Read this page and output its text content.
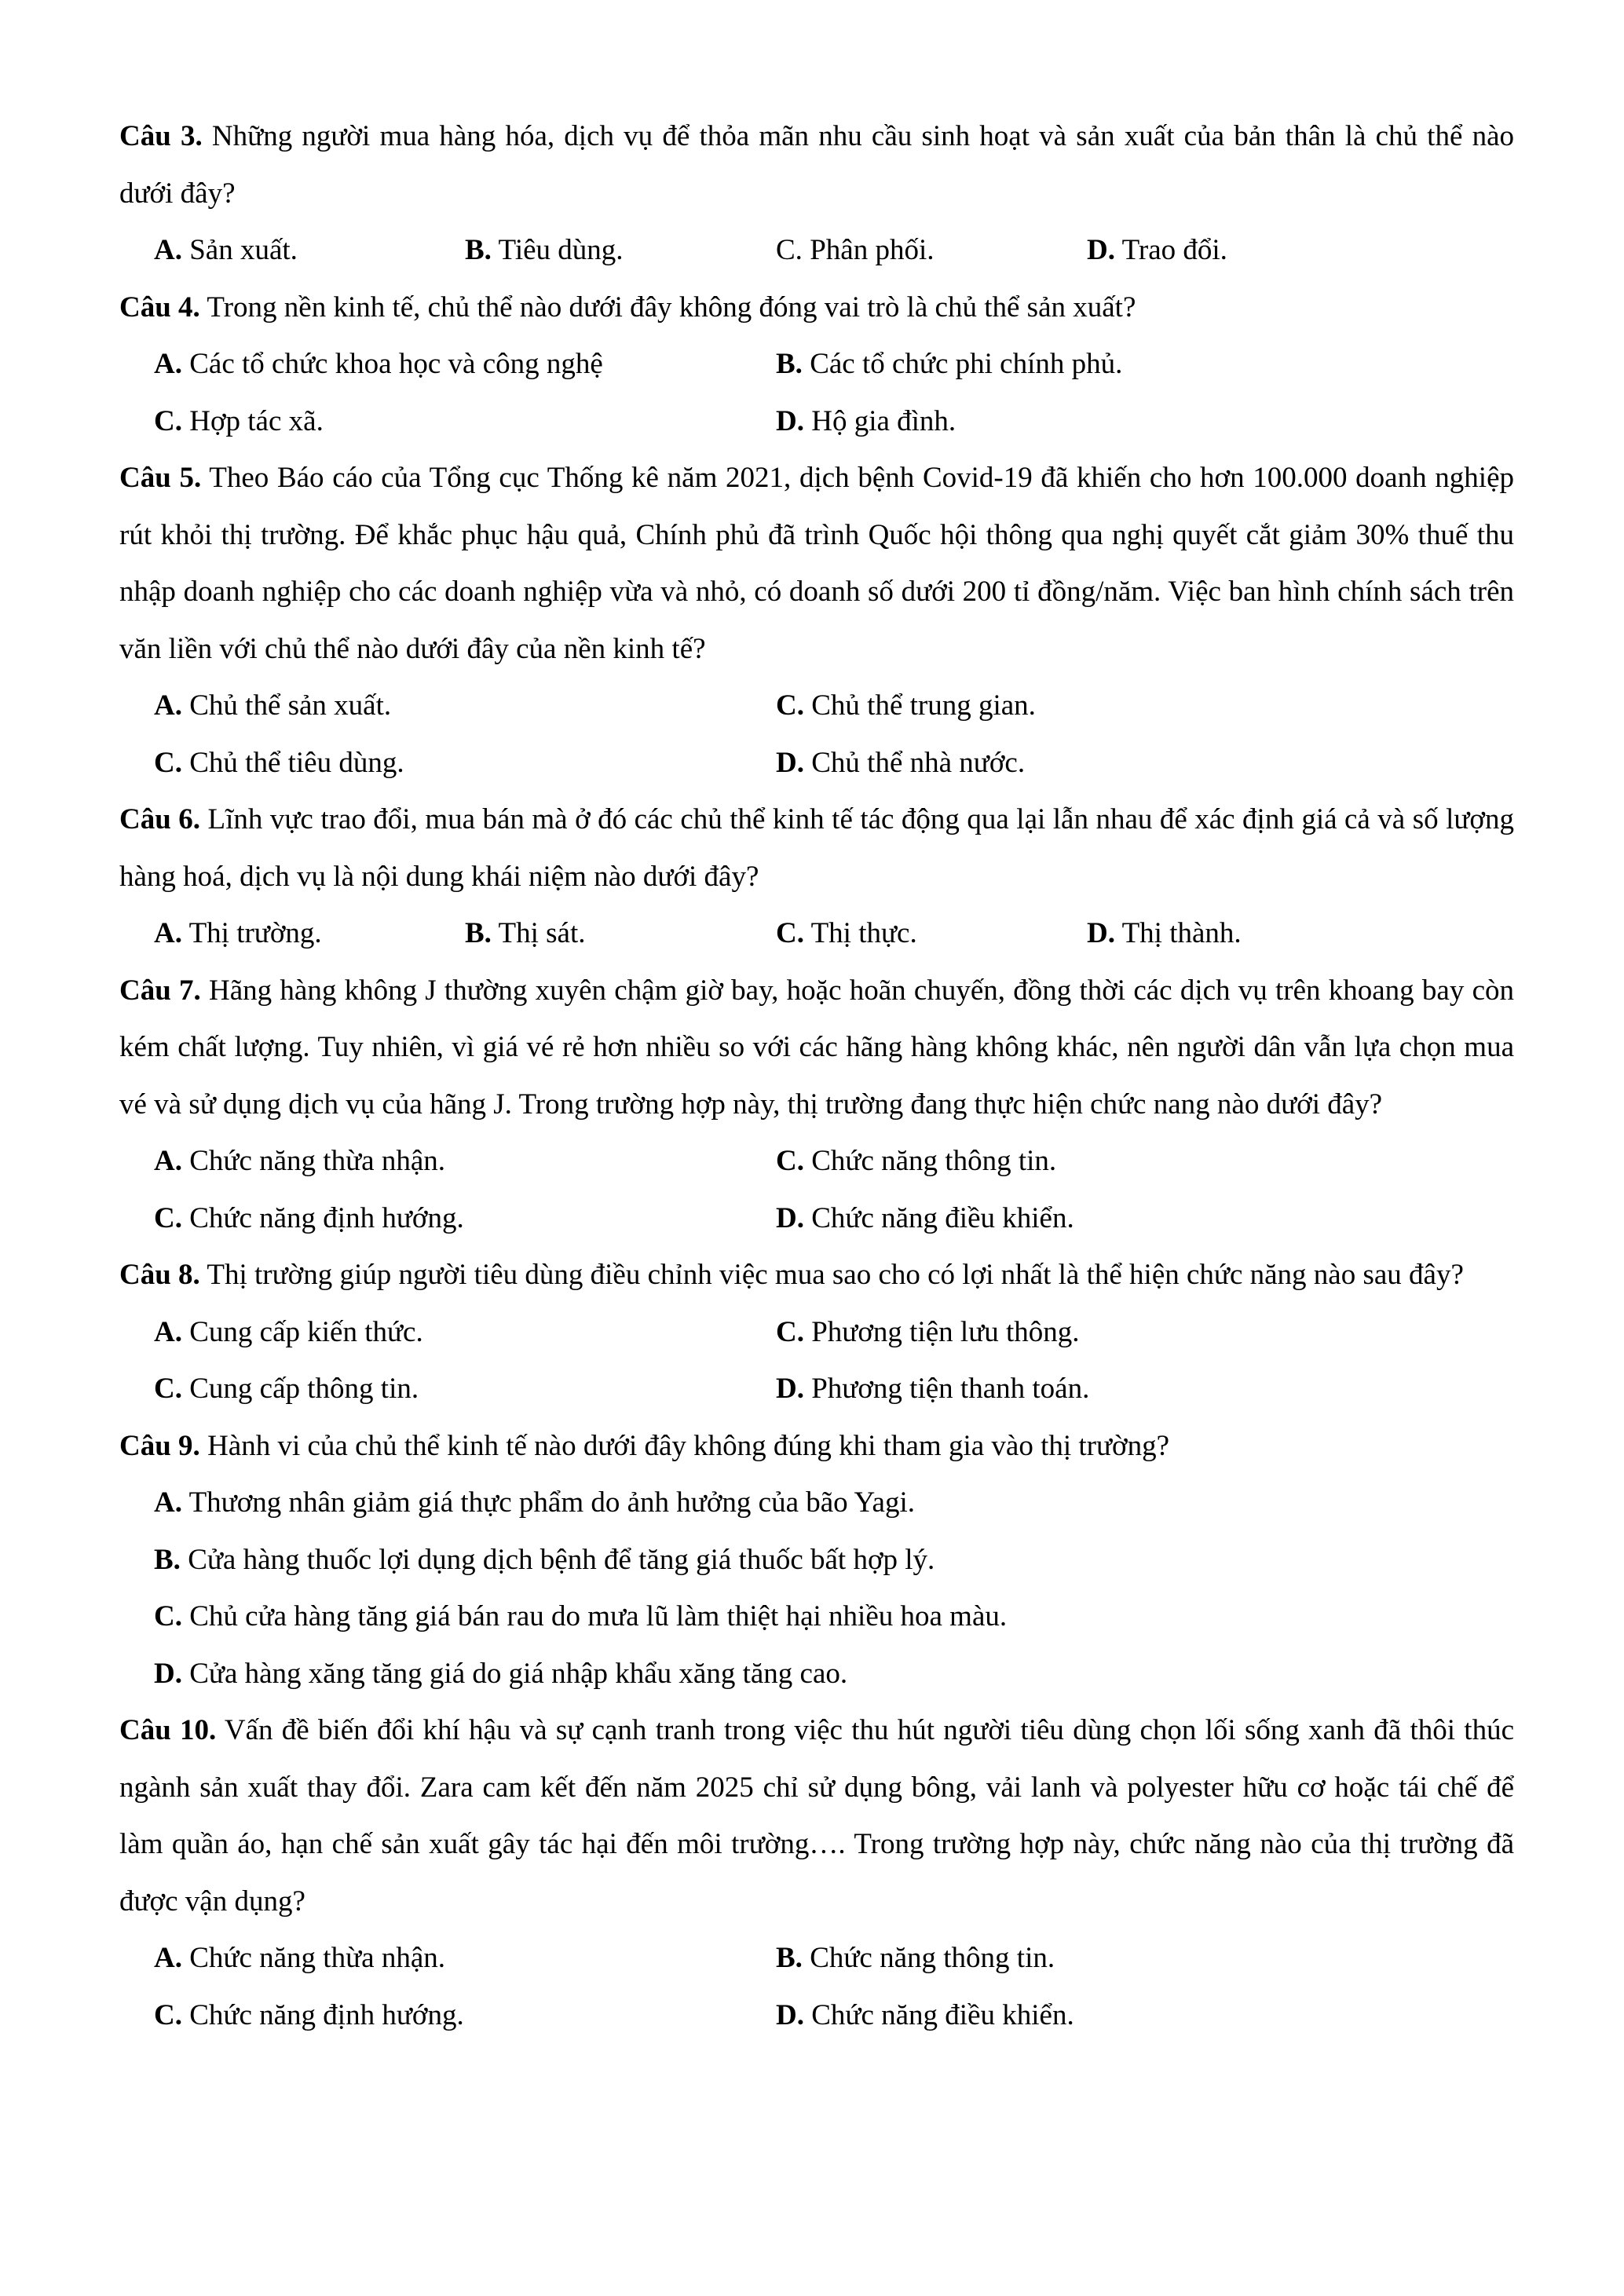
Câu 3. Những người mua hàng hóa, dịch vụ để thỏa mãn nhu cầu sinh hoạt và sản xuất của bản thân là chủ thể nào dưới đây?

A. Sản xuất.	B. Tiêu dùng.	C. Phân phối.	D. Trao đổi.

Câu 4. Trong nền kinh tế, chủ thể nào dưới đây không đóng vai trò là chủ thể sản xuất?

A. Các tổ chức khoa học và công nghệ	B. Các tổ chức phi chính phủ.
C. Hợp tác xã.	D. Hộ gia đình.

Câu 5. Theo Báo cáo của Tổng cục Thống kê năm 2021, dịch bệnh Covid-19 đã khiến cho hơn 100.000 doanh nghiệp rút khỏi thị trường. Để khắc phục hậu quả, Chính phủ đã trình Quốc hội thông qua nghị quyết cắt giảm 30% thuế thu nhập doanh nghiệp cho các doanh nghiệp vừa và nhỏ, có doanh số dưới 200 tỉ đồng/năm. Việc ban hình chính sách trên văn liền với chủ thể nào dưới đây của nền kinh tế?

A. Chủ thể sản xuất.	C. Chủ thể trung gian.
C. Chủ thể tiêu dùng.	D. Chủ thể nhà nước.

Câu 6. Lĩnh vực trao đổi, mua bán mà ở đó các chủ thể kinh tế tác động qua lại lẫn nhau để xác định giá cả và số lượng hàng hoá, dịch vụ là nội dung khái niệm nào dưới đây?

A. Thị trường.	B. Thị sát.	C. Thị thực.	D. Thị thành.

Câu 7. Hãng hàng không J thường xuyên chậm giờ bay, hoặc hoãn chuyến, đồng thời các dịch vụ trên khoang bay còn kém chất lượng. Tuy nhiên, vì giá vé rẻ hơn nhiều so với các hãng hàng không khác, nên người dân vẫn lựa chọn mua vé và sử dụng dịch vụ của hãng J. Trong trường hợp này, thị trường đang thực hiện chức nang nào dưới đây?

A. Chức năng thừa nhận.	C. Chức năng thông tin.
C. Chức năng định hướng.	D. Chức năng điều khiển.

Câu 8. Thị trường giúp người tiêu dùng điều chỉnh việc mua sao cho có lợi nhất là thể hiện chức năng nào sau đây?

A. Cung cấp kiến thức.	C. Phương tiện lưu thông.
C. Cung cấp thông tin.	D. Phương tiện thanh toán.

Câu 9. Hành vi của chủ thể kinh tế nào dưới đây không đúng khi tham gia vào thị trường?

A. Thương nhân giảm giá thực phẩm do ảnh hưởng của bão Yagi.
B. Cửa hàng thuốc lợi dụng dịch bệnh để tăng giá thuốc bất hợp lý.
C. Chủ cửa hàng tăng giá bán rau do mưa lũ làm thiệt hại nhiều hoa màu.
D. Cửa hàng xăng tăng giá do giá nhập khẩu xăng tăng cao.

Câu 10. Vấn đề biến đổi khí hậu và sự cạnh tranh trong việc thu hút người tiêu dùng chọn lối sống xanh đã thôi thúc ngành sản xuất thay đổi. Zara cam kết đến năm 2025 chỉ sử dụng bông, vải lanh và polyester hữu cơ hoặc tái chế để làm quần áo, hạn chế sản xuất gây tác hại đến môi trường…. Trong trường hợp này, chức năng nào của thị trường đã được vận dụng?

A. Chức năng thừa nhận.	B. Chức năng thông tin.
C. Chức năng định hướng.	D. Chức năng điều khiển.
